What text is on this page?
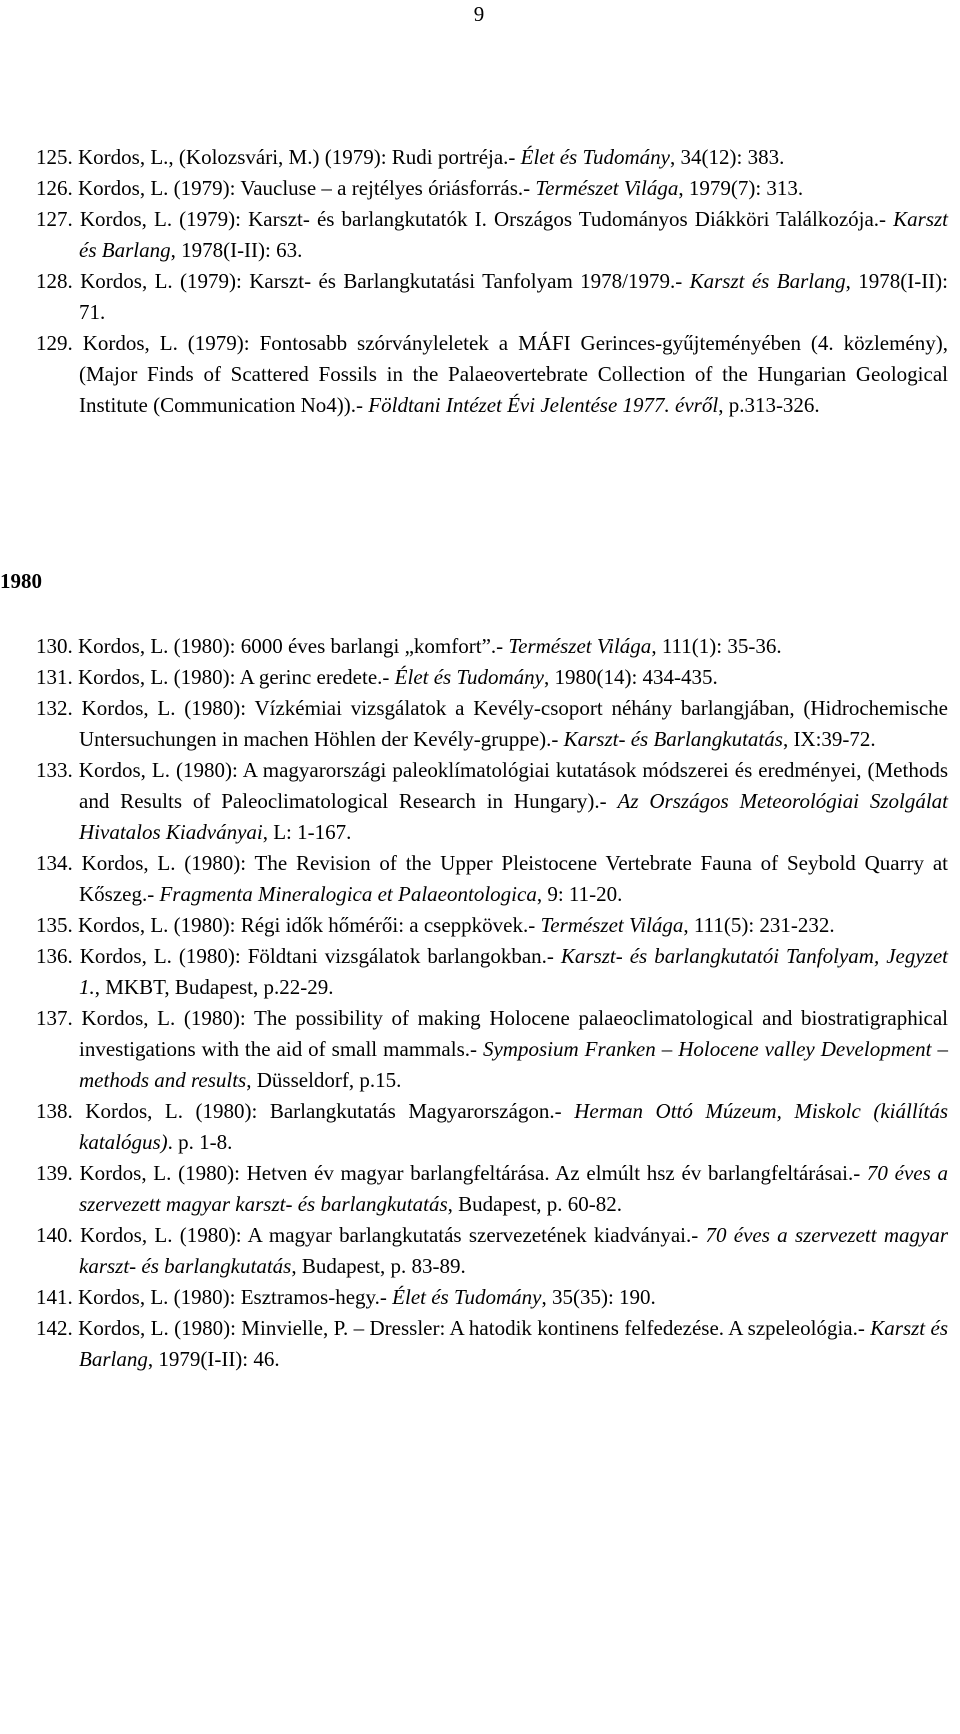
9
125. Kordos, L., (Kolozsvári, M.) (1979): Rudi portréja.- Élet és Tudomány, 34(12): 383.
126. Kordos, L. (1979): Vaucluse – a rejtélyes óriásforrás.- Természet Világa, 1979(7): 313.
127. Kordos, L. (1979): Karszt- és barlangkutatók I. Országos Tudományos Diákköri Találkozója.- Karszt és Barlang, 1978(I-II): 63.
128. Kordos, L. (1979): Karszt- és Barlangkutatási Tanfolyam 1978/1979.- Karszt és Barlang, 1978(I-II): 71.
129. Kordos, L. (1979): Fontosabb szórványleletek a MÁFI Gerinces-gyűjteményében (4. közlemény), (Major Finds of Scattered Fossils in the Palaeovertebrate Collection of the Hungarian Geological Institute (Communication No4)).- Földtani Intézet Évi Jelentése 1977. évről, p.313-326.
1980
130. Kordos, L. (1980): 6000 éves barlangi „komfort”.- Természet Világa, 111(1): 35-36.
131. Kordos, L. (1980): A gerinc eredete.- Élet és Tudomány, 1980(14): 434-435.
132. Kordos, L. (1980): Vízkémiai vizsgálatok a Kevély-csoport néhány barlangjában, (Hidrochemische Untersuchungen in machen Höhlen der Kevély-gruppe).- Karszt- és Barlangkutatás, IX:39-72.
133. Kordos, L. (1980): A magyarországi paleoklímatológiai kutatások módszerei és eredményei, (Methods and Results of Paleoclimatological Research in Hungary).- Az Országos Meteorológiai Szolgálat Hivatalos Kiadványai, L: 1-167.
134. Kordos, L. (1980): The Revision of the Upper Pleistocene Vertebrate Fauna of Seybold Quarry at Kőszeg.- Fragmenta Mineralogica et Palaeontologica, 9: 11-20.
135. Kordos, L. (1980): Régi idők hőmérői: a cseppkövek.- Természet Világa, 111(5): 231-232.
136. Kordos, L. (1980): Földtani vizsgálatok barlangokban.- Karszt- és barlangkutatói Tanfolyam, Jegyzet 1., MKBT, Budapest, p.22-29.
137. Kordos, L. (1980): The possibility of making Holocene palaeoclimatological and biostratigraphical investigations with the aid of small mammals.- Symposium Franken – Holocene valley Development – methods and results, Düsseldorf, p.15.
138. Kordos, L. (1980): Barlangkutatás Magyarországon.- Herman Ottó Múzeum, Miskolc (kiállítás katalógus). p. 1-8.
139. Kordos, L. (1980): Hetven év magyar barlangfeltárása. Az elmúlt hsz év barlangfeltárásai.- 70 éves a szervezett magyar karszt- és barlangkutatás, Budapest, p. 60-82.
140. Kordos, L. (1980): A magyar barlangkutatás szervezetének kiadványai.- 70 éves a szervezett magyar karszt- és barlangkutatás, Budapest, p. 83-89.
141. Kordos, L. (1980): Esztramos-hegy.- Élet és Tudomány, 35(35): 190.
142. Kordos, L. (1980): Minvielle, P. – Dressler: A hatodik kontinens felfedezése. A szpeleológia.- Karszt és Barlang, 1979(I-II): 46.
